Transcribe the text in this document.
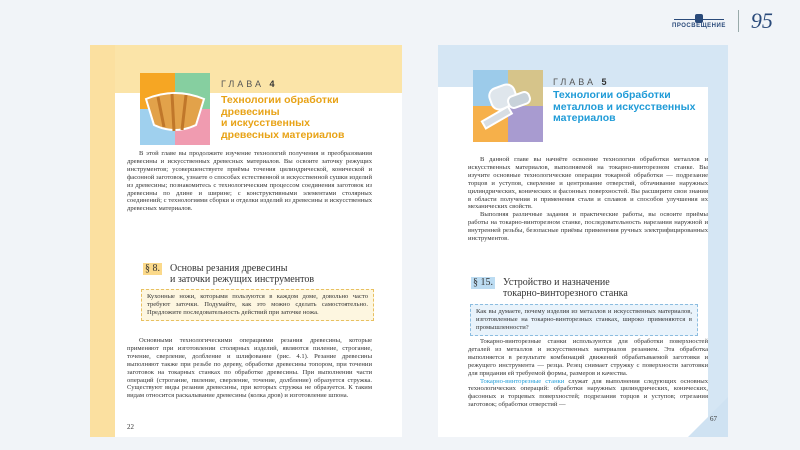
ПРОСВЕЩЕНИЕ 95
ГЛАВА 4
Технологии обработки
древесины
и искусственных
древесных материалов

В этой главе вы продолжите изучение технологий получения и преобразования древесины и искусственных древесных материалов. Вы освоите заточку режущих инструментов; усовершенствуете приёмы точения цилиндрической, конической и фасонной заготовок, узнаете о способах естественной и искусственной сушки изделий из древесины; познакомитесь с технологическим процессом соединения заготовок из древесины по длине и ширине; с конструктивными элементами столярных соединений; с технологиями сборки и отделки изделий из древесины и искусственных древесных материалов.

§ 8. Основы резания древесины
и заточки режущих инструментов
Кухонные ножи, которыми пользуются в каждом доме, довольно часто требуют заточки. Подумайте, как это можно сделать самостоятельно. Предложите последовательность действий при заточке ножа.

Основными технологическими операциями резания древесины, которые применяют при изготовлении столярных изделий, являются пиление, строгание, точение, сверление, долбление и шлифование (рис. 4.1). Резание древесины выполняют также при резьбе по дереву, обработке древесины топором, при точении заготовок на токарных станках по обработке древесины. При выполнении части операций (строгание, пиление, сверление, точение, долбление) образуется стружка. Существуют виды резания древесины, при которых стружка не образуется. К таким видам относится раскалывание древесины (колка дров) и изготовление шпона.

22
ГЛАВА 5
Технологии обработки
металлов и искусственных
материалов

В данной главе вы начнёте освоение технологии обработки металлов и искусственных материалов, выполняемой на токарно-винторезном станке. Вы изучите основные технологические операции токарной обработки — подрезание торцов и уступов, сверление и центрование отверстий, обтачивание наружных цилиндрических, конических и фасонных поверхностей. Вы расширите свои знания в области получения и применения стали и сплавов и способов улучшения их механических свойств.

Выполняя различные задания и практические работы, вы освоите приёмы работы на токарно-винторезном станке, последовательность нарезания наружной и внутренней резьбы, безопасные приёмы применения ручных электрифицированных инструментов.

§ 15. Устройство и назначение
токарно-винторезного станка
Как вы думаете, почему изделия из металлов и искусственных материалов, изготовленные на токарно-винторезных станках, широко применяются в промышленности?

Токарно-винторезные станки используются для обработки поверхностей деталей из металлов и искусственных материалов резанием. Эта обработка выполняется в результате комбинаций движений обрабатываемой заготовки и режущего инструмента — резца. Резец снимает стружку с поверхности заготовки для придания ей требуемой формы, размеров и качества.

Токарно-винторезные станки служат для выполнения следующих основных технологических операций: обработки наружных цилиндрических, конических, фасонных и торцевых поверхностей; подрезания торцов и уступов; отрезания заготовок; обработки отверстий —

67
